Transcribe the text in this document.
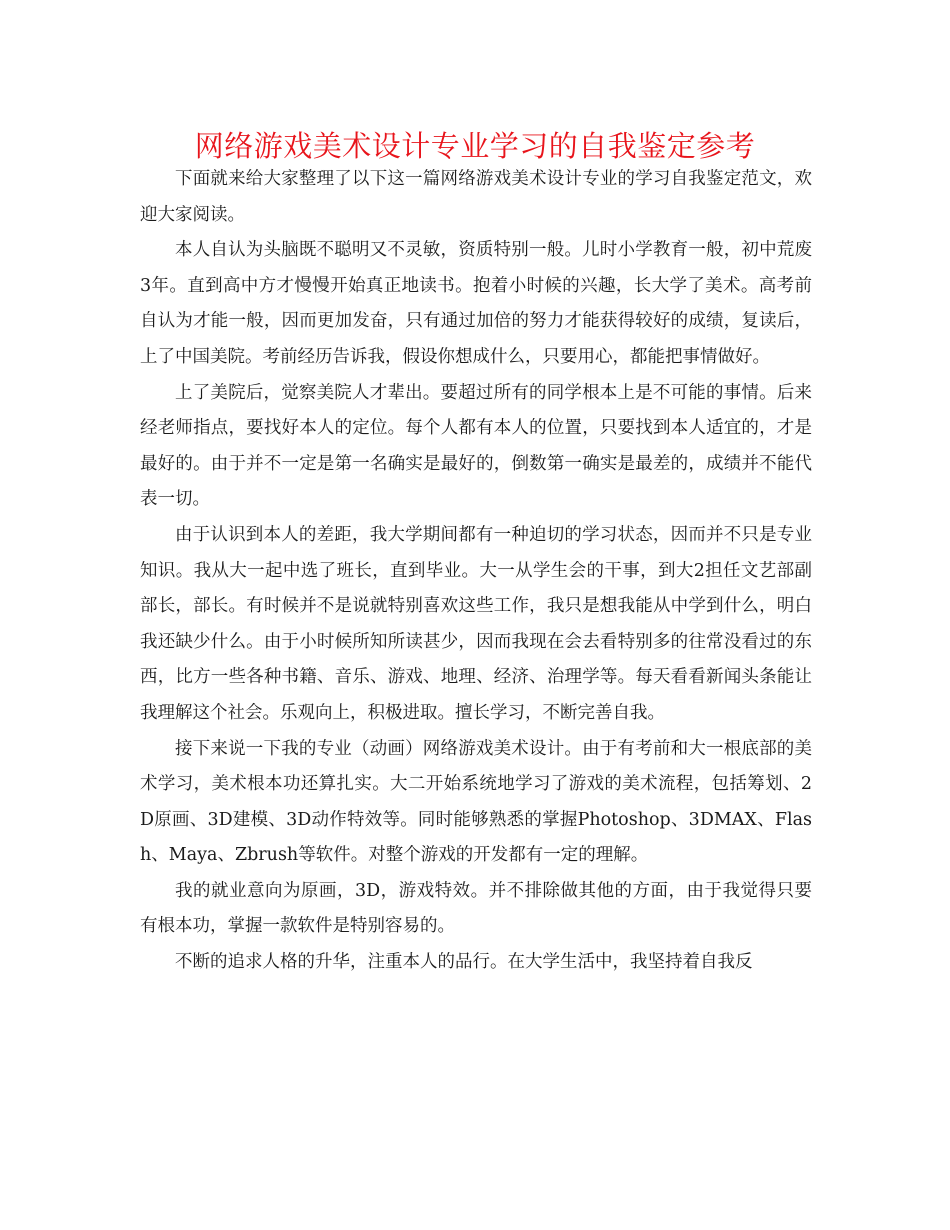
网络游戏美术设计专业学习的自我鉴定参考

下面就来给大家整理了以下这一篇网络游戏美术设计专业的学习自我鉴定范文，欢迎大家阅读。

本人自认为头脑既不聪明又不灵敏，资质特别一般。儿时小学教育一般，初中荒废3年。直到高中方才慢慢开始真正地读书。抱着小时候的兴趣，长大学了美术。高考前自认为才能一般，因而更加发奋，只有通过加倍的努力才能获得较好的成绩，复读后，上了中国美院。考前经历告诉我，假设你想成什么，只要用心，都能把事情做好。

上了美院后，觉察美院人才辈出。要超过所有的同学根本上是不可能的事情。后来经老师指点，要找好本人的定位。每个人都有本人的位置，只要找到本人适宜的，才是最好的。由于并不一定是第一名确实是最好的，倒数第一确实是最差的，成绩并不能代表一切。

由于认识到本人的差距，我大学期间都有一种迫切的学习状态，因而并不只是专业知识。我从大一起中选了班长，直到毕业。大一从学生会的干事，到大2担任文艺部副部长，部长。有时候并不是说就特别喜欢这些工作，我只是想我能从中学到什么，明白我还缺少什么。由于小时候所知所读甚少，因而我现在会去看特别多的往常没看过的东西，比方一些各种书籍、音乐、游戏、地理、经济、治理学等。每天看看新闻头条能让我理解这个社会。乐观向上，积极进取。擅长学习，不断完善自我。

接下来说一下我的专业（动画）网络游戏美术设计。由于有考前和大一根底部的美术学习，美术根本功还算扎实。大二开始系统地学习了游戏的美术流程，包括筹划、2D原画、3D建模、3D动作特效等。同时能够熟悉的掌握Photoshop、3DMAX、Flash、Maya、Zbrush等软件。对整个游戏的开发都有一定的理解。

我的就业意向为原画，3D，游戏特效。并不排除做其他的方面，由于我觉得只要有根本功，掌握一款软件是特别容易的。

不断的追求人格的升华，注重本人的品行。在大学生活中，我坚持着自我反
